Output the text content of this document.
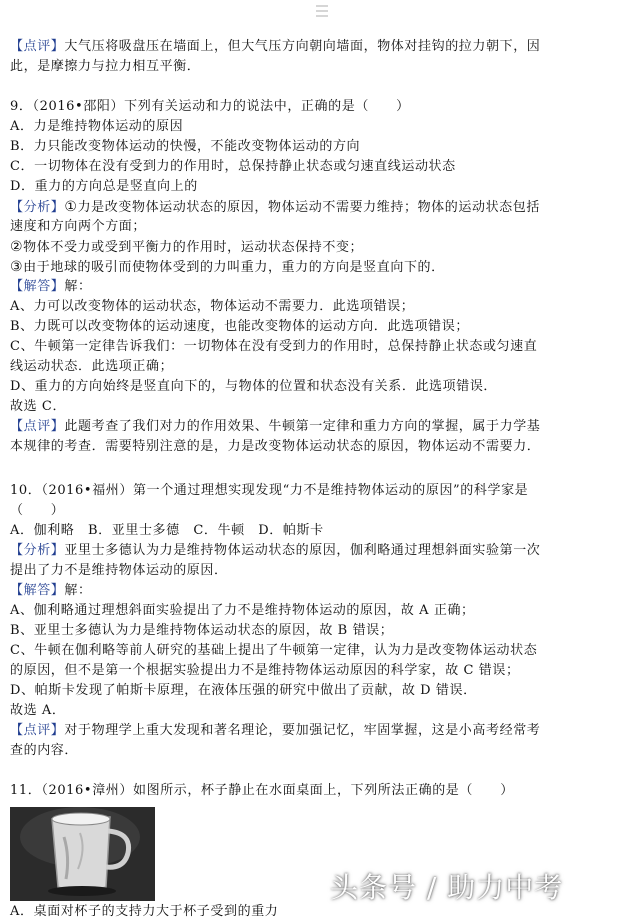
【点评】大气压将吸盘压在墙面上，但大气压方向朝向墙面，物体对挂钩的拉力朝下，因
此，是摩擦力与拉力相互平衡．
9．（2016•邵阳）下列有关运动和力的说法中，正确的是（　　）
A．力是维持物体运动的原因
B．力只能改变物体运动的快慢，不能改变物体运动的方向
C．一切物体在没有受到力的作用时，总保持静止状态或匀速直线运动状态
D．重力的方向总是竖直向上的
【分析】①力是改变物体运动状态的原因，物体运动不需要力维持；物体的运动状态包括
速度和方向两个方面；
②物体不受力或受到平衡力的作用时，运动状态保持不变；
③由于地球的吸引而使物体受到的力叫重力，重力的方向是竖直向下的．
【解答】解：
A、力可以改变物体的运动状态，物体运动不需要力．此选项错误；
B、力既可以改变物体的运动速度，也能改变物体的运动方向．此选项错误；
C、牛顿第一定律告诉我们：一切物体在没有受到力的作用时，总保持静止状态或匀速直
线运动状态．此选项正确；
D、重力的方向始终是竖直向下的，与物体的位置和状态没有关系．此选项错误．
故选 C．
【点评】此题考查了我们对力的作用效果、牛顿第一定律和重力方向的掌握，属于力学基
本规律的考查．需要特别注意的是，力是改变物体运动状态的原因，物体运动不需要力．
10．（2016•福州）第一个通过理想实现发现“力不是维持物体运动的原因”的科学家是
（　　）
A．伽利略　B．亚里士多德　C．牛顿　D．帕斯卡
【分析】亚里士多德认为力是维持物体运动状态的原因，伽利略通过理想斜面实验第一次
提出了力不是维持物体运动的原因．
【解答】解：
A、伽利略通过理想斜面实验提出了力不是维持物体运动的原因，故 A 正确；
B、亚里士多德认为力是维持物体运动状态的原因，故 B 错误；
C、牛顿在伽利略等前人研究的基础上提出了牛顿第一定律，认为力是改变物体运动状态
的原因，但不是第一个根据实验提出力不是维持物体运动原因的科学家，故 C 错误；
D、帕斯卡发现了帕斯卡原理，在液体压强的研究中做出了贡献，故 D 错误．
故选 A．
【点评】对于物理学上重大发现和著名理论，要加强记忆，牢固掌握，这是小高考经常考
查的内容．
11．（2016•漳州）如图所示，杯子静止在水面桌面上，下列所法正确的是（　　）
A．桌面对杯子的支持力大于杯子受到的重力
头条号 / 助力中考
